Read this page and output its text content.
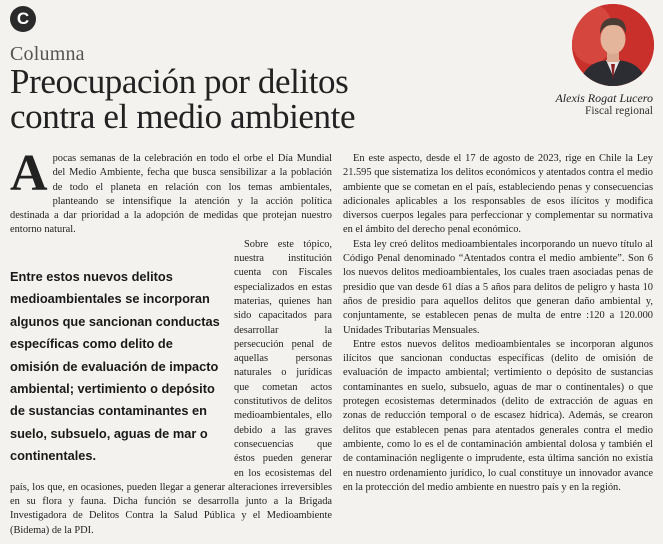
C
Columna
Preocupación por delitos
contra el medio ambiente	Alexis Rogat Lucero
Fiscal regional
A pocas semanas de la celebración en todo el orbe el Día Mundial del Medio Ambiente, fecha que busca sensibilizar a la población de todo el planeta en relación con los temas ambientales, planteando se intensifique la atención y la acción política destinada a dar prioridad a la adopción de medidas que protejan nuestro entorno natural.

Sobre este tópico, nuestra institución cuenta con Fiscales especializados en estas materias, quienes han sido capacitados para desarrollar la persecución penal de aquellas personas naturales o jurídicas que cometan actos constitutivos de delitos medioambientales, ello debido a las graves consecuencias que éstos pueden generar en los ecosistemas del país, los que, en ocasiones, pueden llegar a generar alteraciones irreversibles en su flora y fauna. Dicha función se desarrolla junto a la Brigada Investigadora de Delitos Contra la Salud Pública y el Medioambiente (Bidema) de la PDI.

Entre estos nuevos delitos medioambientales se incorporan algunos que sancionan conductas específicas como delito de omisión de evaluación de impacto ambiental; vertimiento o depósito de sustancias contaminantes en suelo, subsuelo, aguas de mar o continentales.

En este aspecto, desde el 17 de agosto de 2023, rige en Chile la Ley 21.595 que sistematiza los delitos económicos y atentados contra el medio ambiente que se cometan en el país, estableciendo penas y consecuencias adicionales aplicables a los responsables de esos ilícitos y modifica diversos cuerpos legales para perfeccionar y complementar su normativa en el ámbito del derecho penal económico.

Esta ley creó delitos medioambientales incorporando un nuevo título al Código Penal denominado “Atentados contra el medio ambiente”. Son 6 los nuevos delitos medioambientales, los cuales traen asociadas penas de presidio que van desde 61 días a 5 años para delitos de peligro y hasta 10 años de presidio para aquellos delitos que generan daño ambiental y, conjuntamente, se establecen penas de multa de entre :120 a 120.000 Unidades Tributarias Mensuales.

Entre estos nuevos delitos medioambientales se incorporan algunos ilícitos que sancionan conductas específicas (delito de omisión de evaluación de impacto ambiental; vertimiento o depósito de sustancias contaminantes en suelo, subsuelo, aguas de mar o continentales) o que protegen ecosistemas determinados (delito de extracción de aguas en zonas de reducción temporal o de escasez hídrica). Además, se crearon delitos que establecen penas para atentados generales contra el medio ambiente, como lo es el de contaminación ambiental dolosa y también el de contaminación negligente o imprudente, esta última sanción no existía en nuestro ordenamiento jurídico, lo cual constituye un innovador avance en la protección del medio ambiente en nuestro país y en la región.
